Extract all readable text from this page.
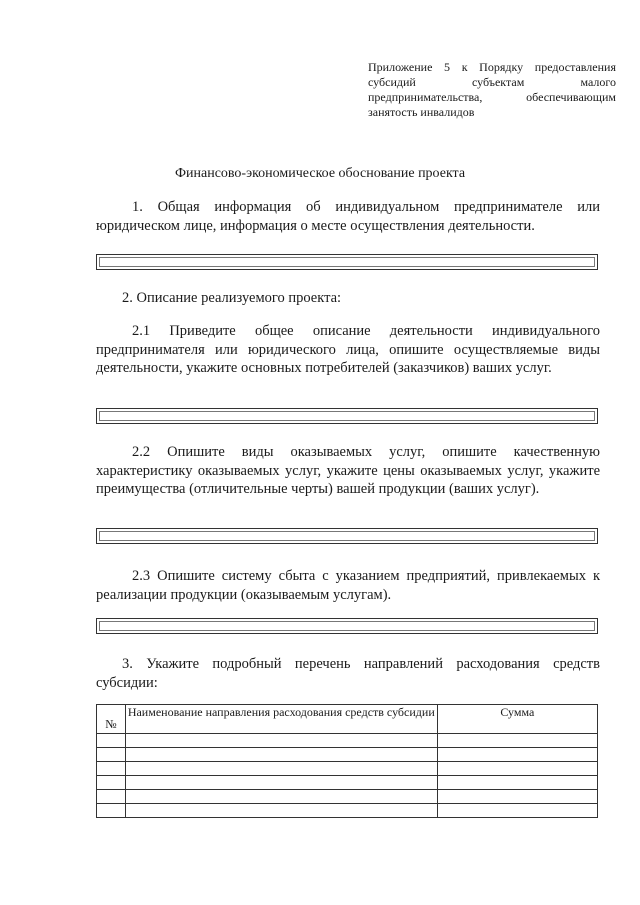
Приложение 5 к Порядку предоставления субсидий субъектам малого предпринимательства, обеспечивающим занятость инвалидов
Финансово-экономическое обоснование проекта
1. Общая информация об индивидуальном предпринимателе или юридическом лице, информация о месте осуществления деятельности.
2. Описание реализуемого проекта:
2.1 Приведите общее описание деятельности индивидуального предпринимателя или юридического лица, опишите осуществляемые виды деятельности, укажите основных потребителей (заказчиков) ваших услуг.
2.2 Опишите виды оказываемых услуг, опишите качественную характеристику оказываемых услуг, укажите цены оказываемых услуг, укажите преимущества (отличительные черты) вашей продукции (ваших услуг).
2.3 Опишите систему сбыта с указанием предприятий, привлекаемых к реализации продукции (оказываемым услугам).
3. Укажите подробный перечень направлений расходования средств субсидии:
№	Наименование направления расходования средств субсидии	Сумма
